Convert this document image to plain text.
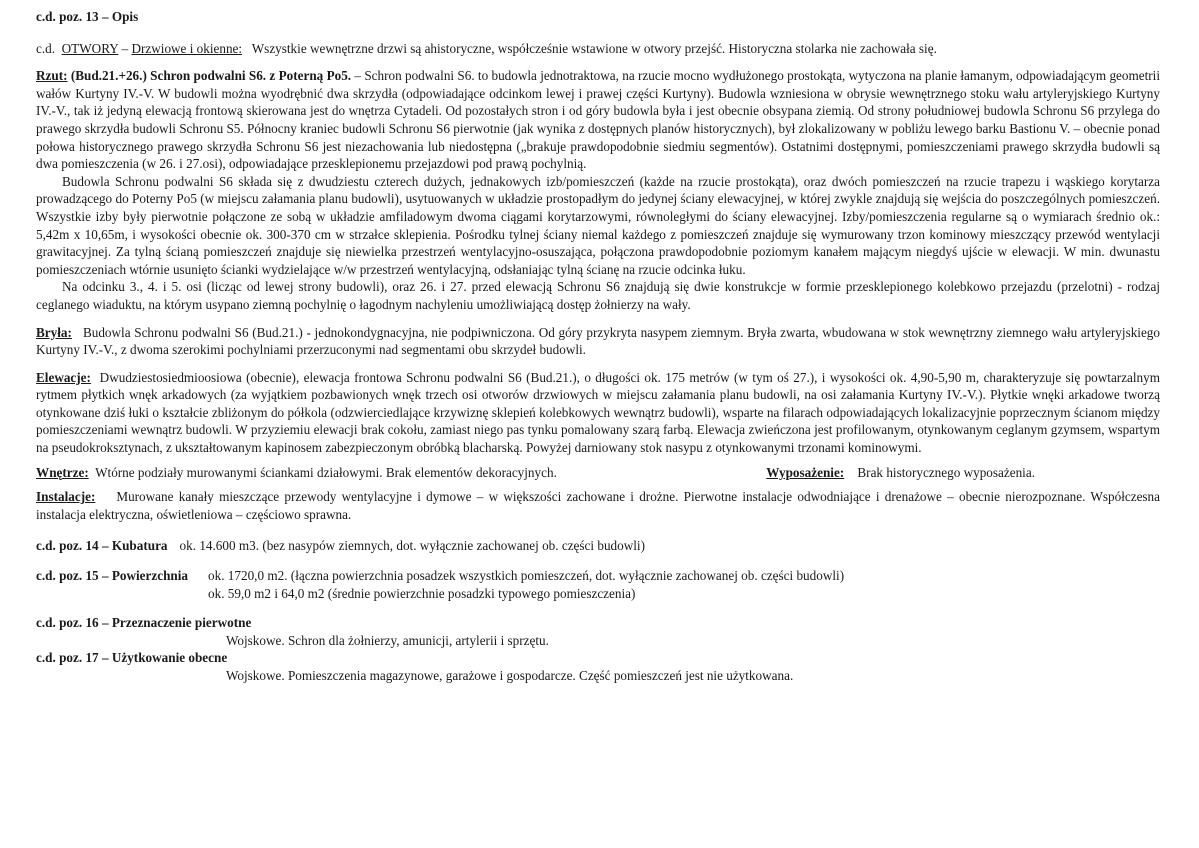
c.d. poz. 13 – Opis

c.d. OTWORY – Drzwiowe i okienne: Wszystkie wewnętrzne drzwi są ahistoryczne, współcześnie wstawione w otwory przejść. Historyczna stolarka nie zachowała się.

Rzut: (Bud.21.+26.) Schron podwalni S6. z Poterną Po5. – Schron podwalni S6. to budowla jednotraktowa, na rzucie mocno wydłużonego prostokąta, wytyczona na planie łamanym, odpowiadającym geometrii wałów Kurtyny IV.-V. W budowli można wyodrębnić dwa skrzydła (odpowiadające odcinkom lewej i prawej części Kurtyny). Budowla wzniesiona w obrysie wewnętrznego stoku wału artyleryjskiego Kurtyny IV.-V., tak iż jedyną elewacją frontową skierowana jest do wnętrza Cytadeli. Od pozostałych stron i od góry budowla była i jest obecnie obsypana ziemią. Od strony południowej budowla Schronu S6 przylega do prawego skrzydła budowli Schronu S5. Północny kraniec budowli Schronu S6 pierwotnie (jak wynika z dostępnych planów historycznych), był zlokalizowany w pobliżu lewego barku Bastionu V. – obecnie ponad połowa historycznego prawego skrzydła Schronu S6 jest niezachowania lub niedostępna („brakuje prawdopodobnie siedmiu segmentów). Ostatnimi dostępnymi, pomieszczeniami prawego skrzydła budowli są dwa pomieszczenia (w 26. i 27.osi), odpowiadające przesklepionemu przejazdowi pod prawą pochylnią.

Budowla Schronu podwalni S6 składa się z dwudziestu czterech dużych, jednakowych izb/pomieszczeń (każde na rzucie prostokąta), oraz dwóch pomieszczeń na rzucie trapezu i wąskiego korytarza prowadzącego do Poterny Po5 (w miejscu załamania planu budowli), usytuowanych w układzie prostopadłym do jedynej ściany elewacyjnej, w której zwykle znajdują się wejścia do poszczególnych pomieszczeń. Wszystkie izby były pierwotnie połączone ze sobą w układzie amfiladowym dwoma ciągami korytarzowymi, równoległymi do ściany elewacyjnej. Izby/pomieszczenia regularne są o wymiarach średnio ok.: 5,42m x 10,65m, i wysokości obecnie ok. 300-370 cm w strzałce sklepienia. Pośrodku tylnej ściany niemal każdego z pomieszczeń znajduje się wymurowany trzon kominowy mieszczący przewód wentylacji grawitacyjnej. Za tylną ścianą pomieszczeń znajduje się niewielka przestrzeń wentylacyjno-osuszająca, połączona prawdopodobnie poziomym kanałem mającym niegdyś ujście w elewacji. W min. dwunastu pomieszczeniach wtórnie usunięto ścianki wydzielające w/w przestrzeń wentylacyjną, odsłaniając tylną ścianę na rzucie odcinka łuku.

Na odcinku 3., 4. i 5. osi (licząc od lewej strony budowli), oraz 26. i 27. przed elewacją Schronu S6 znajdują się dwie konstrukcje w formie przesklepionego kolebkowo przejazdu (przelotni) - rodzaj ceglanego wiaduktu, na którym usypano ziemną pochylnię o łagodnym nachyleniu umożliwiającą dostęp żołnierzy na wały.

Bryła: Budowla Schronu podwalni S6 (Bud.21.) - jednokondygnacyjna, nie podpiwniczona. Od góry przykryta nasypem ziemnym. Bryła zwarta, wbudowana w stok wewnętrzny ziemnego wału artyleryjskiego Kurtyny IV.-V., z dwoma szerokimi pochylniami przerzuconymi nad segmentami obu skrzydeł budowli.

Elewacje: Dwudziestosiedmioosiowa (obecnie), elewacja frontowa Schronu podwalni S6 (Bud.21.), o długości ok. 175 metrów (w tym oś 27.), i wysokości ok. 4,90-5,90 m, charakteryzuje się powtarzalnym rytmem płytkich wnęk arkadowych (za wyjątkiem pozbawionych wnęk trzech osi otworów drzwiowych w miejscu załamania planu budowli, na osi załamania Kurtyny IV.-V.). Płytkie wnęki arkadowe tworzą otynkowane dziś łuki o kształcie zbliżonym do półkola (odzwierciedlające krzywiznę sklepień kolebkowych wewnątrz budowli), wsparte na filarach odpowiadających lokalizacyjnie poprzecznym ścianom między pomieszczeniami wewnątrz budowli. W przyziemiu elewacji brak cokołu, zamiast niego pas tynku pomalowany szarą farbą. Elewacja zwieńczona jest profilowanym, otynkowanym ceglanym gzymsem, wspartym na pseudokroksztynach, z ukształtowanym kapinosem zabezpieczonym obróbką blacharską. Powyżej darniowany stok nasypu z otynkowanymi trzonami kominowymi.

Wnętrze: Wtórne podziały murowanymi ściankami działowymi. Brak elementów dekoracyjnych.	Wyposażenie: Brak historycznego wyposażenia.

Instalacje: Murowane kanały mieszczące przewody wentylacyjne i dymowe – w większości zachowane i drożne. Pierwotne instalacje odwodniające i drenażowe – obecnie nierozpoznane. Współczesna instalacja elektryczna, oświetleniowa – częściowo sprawna.

c.d. poz. 14 – Kubatura ok. 14.600 m3. (bez nasypów ziemnych, dot. wyłącznie zachowanej ob. części budowli)
c.d. poz. 15 – Powierzchnia ok. 1720,0 m2. (łączna powierzchnia posadzek wszystkich pomieszczeń, dot. wyłącznie zachowanej ob. części budowli)
ok. 59,0 m2 i 64,0 m2 (średnie powierzchnie posadzki typowego pomieszczenia)
c.d. poz. 16 – Przeznaczenie pierwotne
Wojskowe. Schron dla żołnierzy, amunicji, artylerii i sprzętu.
c.d. poz. 17 – Użytkowanie obecne
Wojskowe. Pomieszczenia magazynowe, garażowe i gospodarcze. Część pomieszczeń jest nie użytkowana.
